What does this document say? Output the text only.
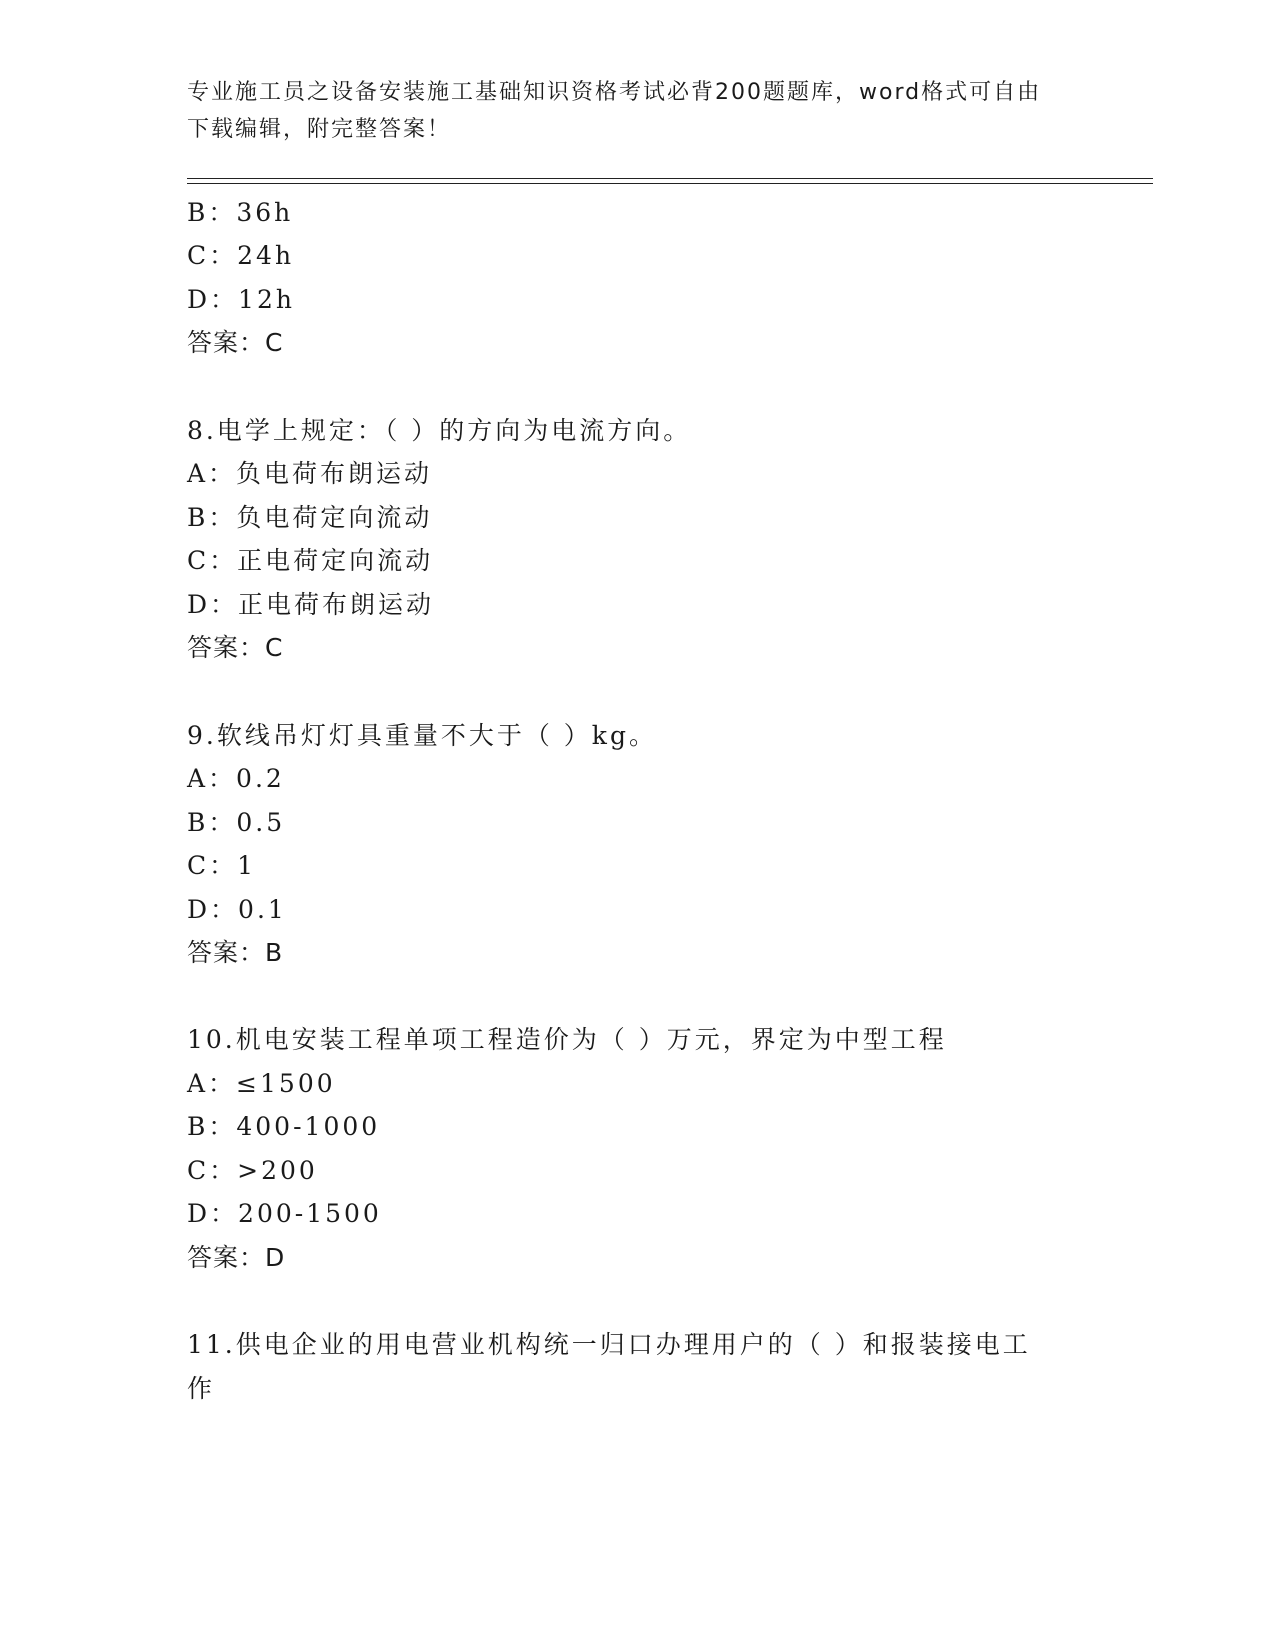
专业施工员之设备安装施工基础知识资格考试必背200题题库，word格式可自由
下载编辑，附完整答案！
B：36h
C：24h
D：12h
答案：C
8.电学上规定：（ ）的方向为电流方向。
A：负电荷布朗运动
B：负电荷定向流动
C：正电荷定向流动
D：正电荷布朗运动
答案：C
9.软线吊灯灯具重量不大于（ ）kg。
A：0.2
B：0.5
C：1
D：0.1
答案：B
10.机电安装工程单项工程造价为（ ）万元，界定为中型工程
A：≤1500
B：400-1000
C：>200
D：200-1500
答案：D
11.供电企业的用电营业机构统一归口办理用户的（ ）和报装接电工
作
